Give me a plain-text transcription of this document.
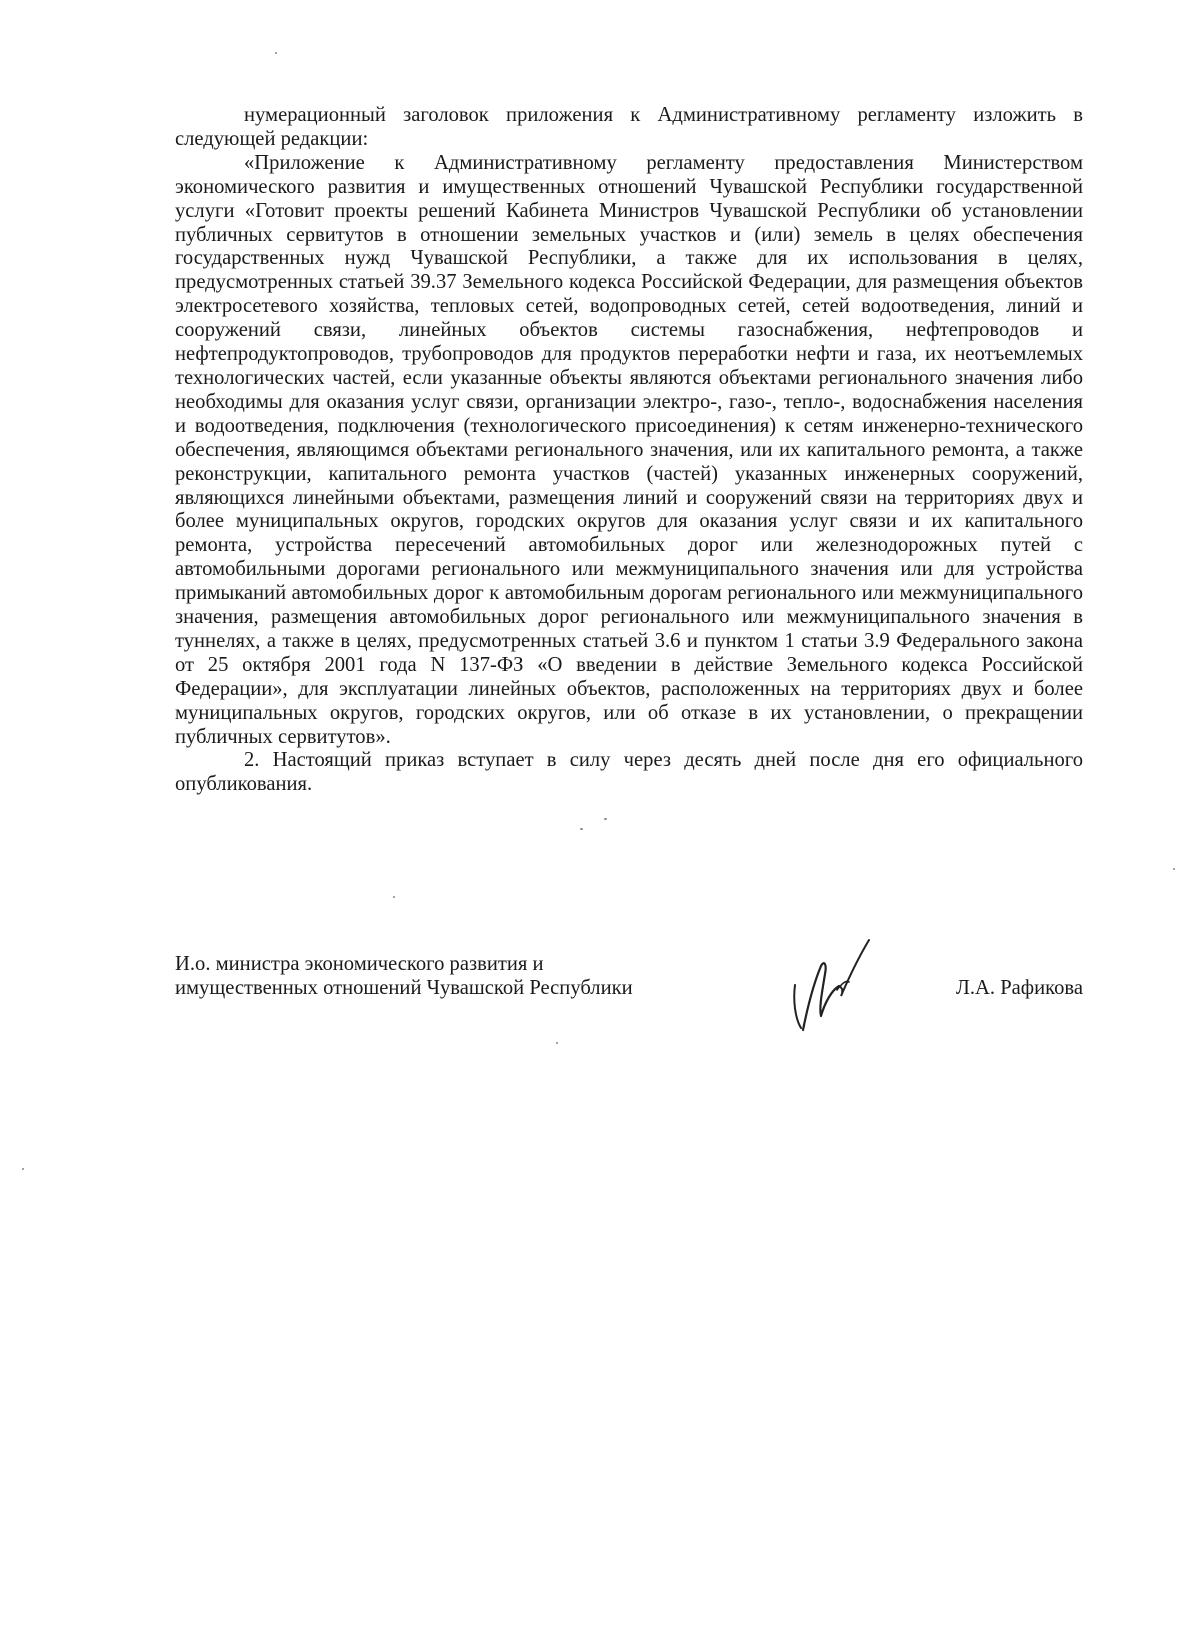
нумерационный заголовок приложения к Административному регламенту изложить в следующей редакции:

«Приложение к Административному регламенту предоставления Министерством экономического развития и имущественных отношений Чувашской Республики государственной услуги «Готовит проекты решений Кабинета Министров Чувашской Республики об установлении публичных сервитутов в отношении земельных участков и (или) земель в целях обеспечения государственных нужд Чувашской Республики, а также для их использования в целях, предусмотренных статьей 39.37 Земельного кодекса Российской Федерации, для размещения объектов электросетевого хозяйства, тепловых сетей, водопроводных сетей, сетей водоотведения, линий и сооружений связи, линейных объектов системы газоснабжения, нефтепроводов и нефтепродуктопроводов, трубопроводов для продуктов переработки нефти и газа, их неотъемлемых технологических частей, если указанные объекты являются объектами регионального значения либо необходимы для оказания услуг связи, организации электро-, газо-, тепло-, водоснабжения населения и водоотведения, подключения (технологического присоединения) к сетям инженерно-технического обеспечения, являющимся объектами регионального значения, или их капитального ремонта, а также реконструкции, капитального ремонта участков (частей) указанных инженерных сооружений, являющихся линейными объектами, размещения линий и сооружений связи на территориях двух и более муниципальных округов, городских округов для оказания услуг связи и их капитального ремонта, устройства пересечений автомобильных дорог или железнодорожных путей с автомобильными дорогами регионального или межмуниципального значения или для устройства примыканий автомобильных дорог к автомобильным дорогам регионального или межмуниципального значения, размещения автомобильных дорог регионального или межмуниципального значения в туннелях, а также в целях, предусмотренных статьей 3.6 и пунктом 1 статьи 3.9 Федерального закона от 25 октября 2001 года N 137-ФЗ «О введении в действие Земельного кодекса Российской Федерации», для эксплуатации линейных объектов, расположенных на территориях двух и более муниципальных округов, городских округов, или об отказе в их установлении, о прекращении публичных сервитутов».

2. Настоящий приказ вступает в силу через десять дней после дня его официального опубликования.

И.о. министра экономического развития и
имущественных отношений Чувашской Республики	Л.А. Рафикова
